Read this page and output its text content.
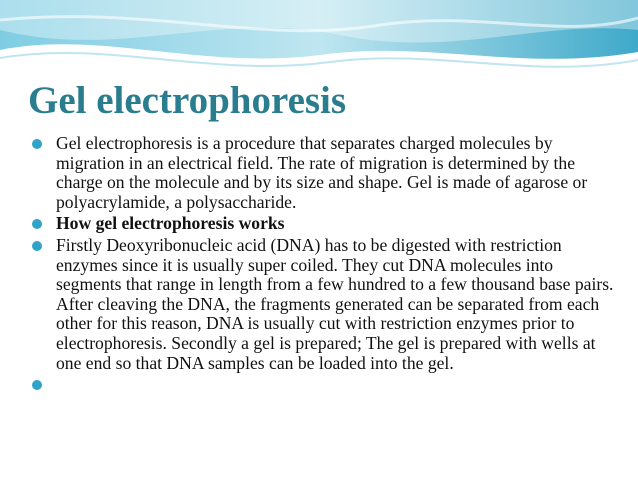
Gel electrophoresis
Gel electrophoresis is a procedure that separates charged molecules by migration in an electrical field. The rate of migration is determined by the charge on the molecule and by its size and shape. Gel is made of agarose or polyacrylamide, a polysaccharide.
How gel electrophoresis works
Firstly Deoxyribonucleic acid (DNA) has to be digested with restriction enzymes since it is usually super coiled. They cut DNA molecules into segments that range in length from a few hundred to a few thousand base pairs. After cleaving the DNA, the fragments generated can be separated from each other for this reason, DNA is usually cut with restriction enzymes prior to electrophoresis. Secondly a gel is prepared; The gel is prepared with wells at one end so that DNA samples can be loaded into the gel.
